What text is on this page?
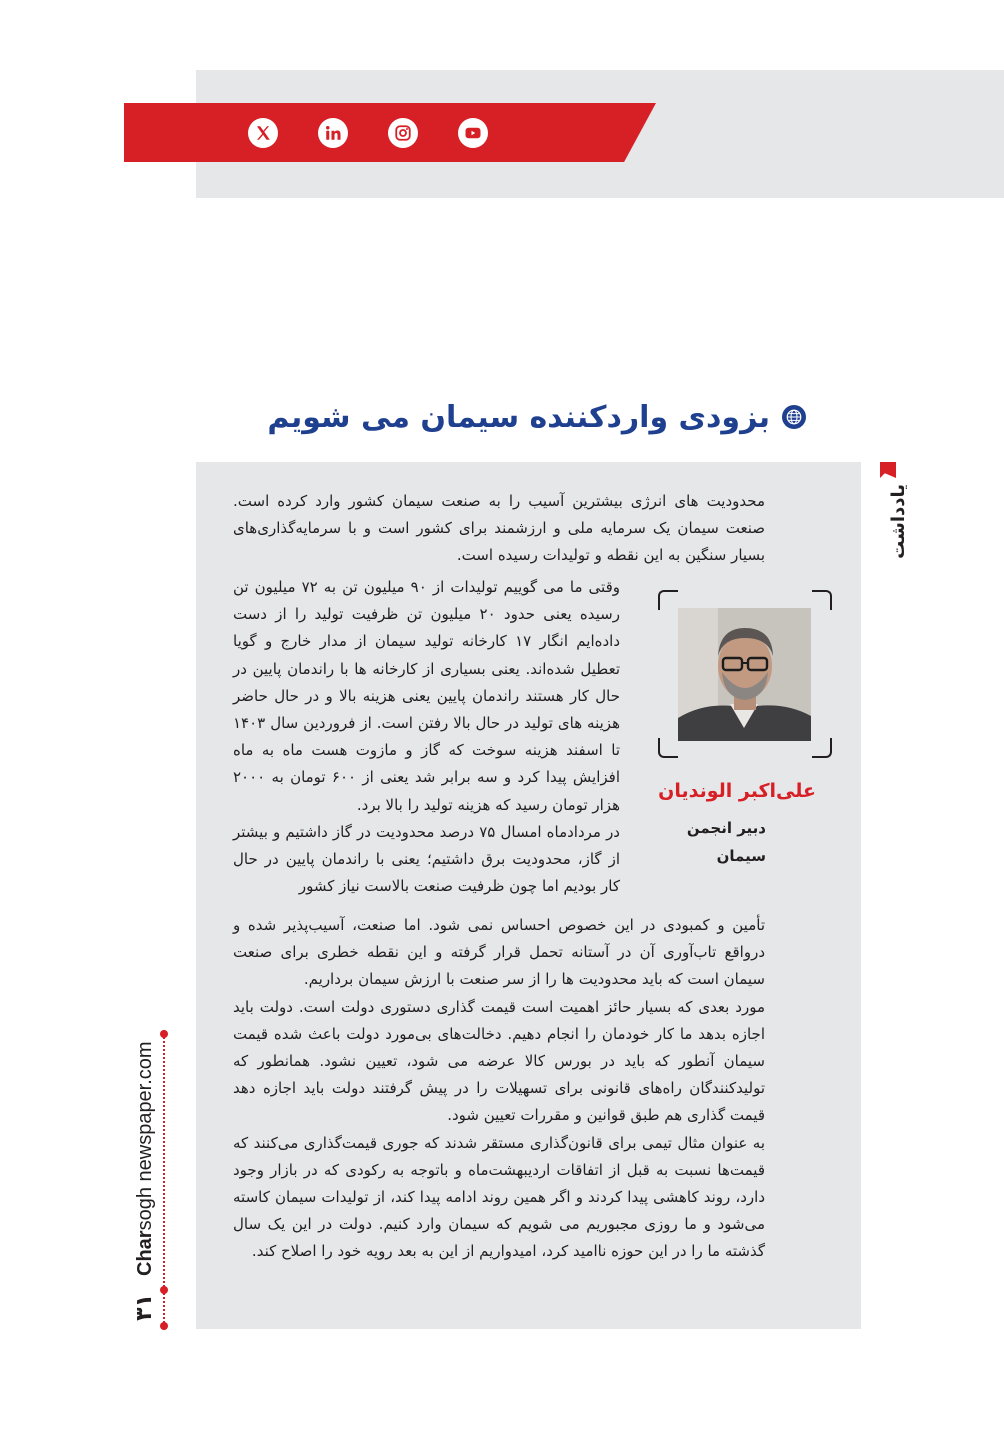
بزودی واردکننده سیمان می شویم
یادداشت

محدودیت های انرژی بیشترین آسیب را به صنعت سیمان کشور وارد کرده است. صنعت سیمان یک سرمایه ملی و ارزشمند برای کشور است و با سرمایه‌گذاری‌های بسیار سنگین به این نقطه و تولیدات رسیده است.

وقتی ما می گوییم تولیدات از ۹۰ میلیون تن به ۷۲ میلیون تن رسیده یعنی حدود ۲۰ میلیون تن ظرفیت تولید را از دست داده‌ایم انگار ۱۷ کارخانه تولید سیمان از مدار خارج و گویا تعطیل شده‌اند. یعنی بسیاری از کارخانه ها با راندمان پایین در حال کار هستند راندمان پایین یعنی هزینه بالا و در حال حاضر هزینه های تولید در حال بالا رفتن است. از فروردین سال ۱۴۰۳ تا اسفند هزینه سوخت که گاز و مازوت هست ماه به ماه افزایش پیدا کرد و سه برابر شد یعنی از ۶۰۰ تومان به ۲۰۰۰ هزار تومان رسید که هزینه تولید را بالا برد.

در مردادماه امسال ۷۵ درصد محدودیت در گاز داشتیم و بیشتر از گاز، محدودیت برق داشتیم؛ یعنی با راندمان پایین در حال کار بودیم اما چون ظرفیت صنعت بالاست نیاز کشور

تأمین و کمبودی در این خصوص احساس نمی شود. اما صنعت، آسیب‌پذیر شده و درواقع تاب‌آوری آن در آستانه تحمل قرار گرفته و این نقطه خطری برای صنعت سیمان است که باید محدودیت ها را از سر صنعت با ارزش سیمان برداریم.

مورد بعدی که بسیار حائز اهمیت است قیمت گذاری دستوری دولت است. دولت باید اجازه بدهد ما کار خودمان را انجام دهیم. دخالت‌های بی‌مورد دولت باعث شده قیمت سیمان آنطور که باید در بورس کالا عرضه می شود، تعیین نشود. همانطور که تولیدکنندگان راه‌های قانونی برای تسهیلات را در پیش گرفتند دولت باید اجازه دهد قیمت گذاری هم طبق قوانین و مقررات تعیین شود.

به عنوان مثال تیمی برای قانون‌گذاری مستقر شدند که جوری قیمت‌گذاری می‌کنند که قیمت‌ها نسبت به قبل از اتفاقات اردیبهشت‌ماه و باتوجه به رکودی که در بازار وجود دارد، روند کاهشی پیدا کردند و اگر همین روند ادامه پیدا کند، از تولیدات سیمان کاسته می‌شود و ما روزی مجبوریم می شویم که سیمان وارد کنیم. دولت در این یک سال گذشته ما را در این حوزه ناامید کرد، امیدواریم از این به بعد رویه خود را اصلاح کند.

علی‌اکبر الوندیان

دبیر انجمن سیمان

Charsogh newspaper.com
۳۱
